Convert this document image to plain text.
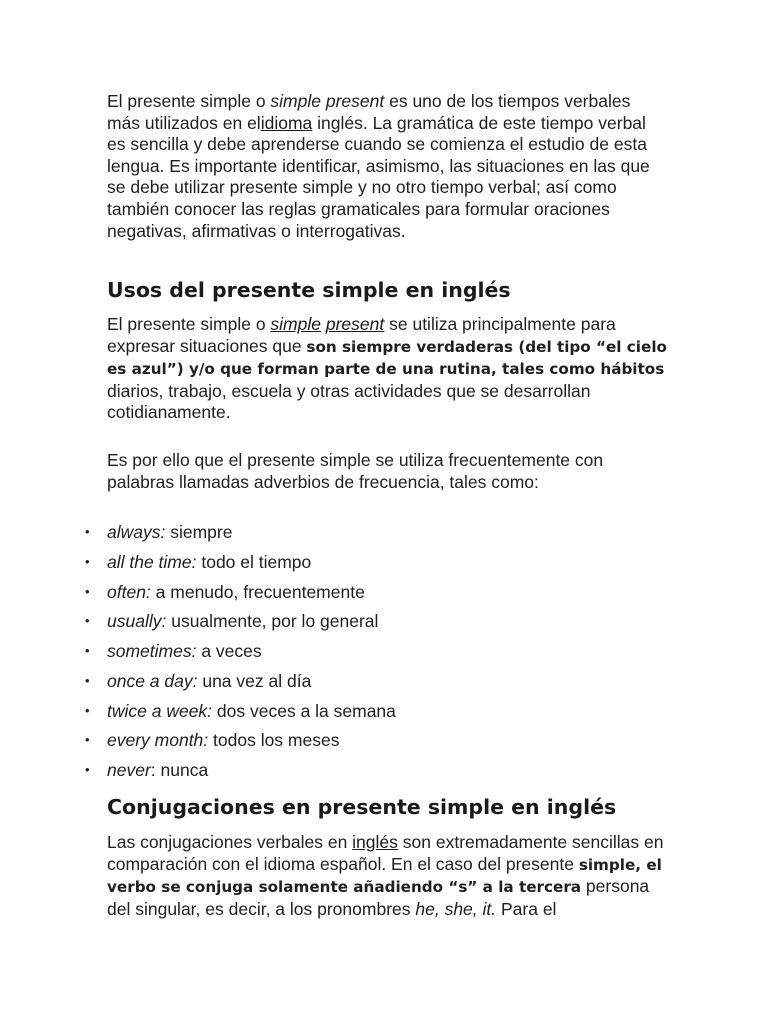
El presente simple o simple present es uno de los tiempos verbales más utilizados en elidioma inglés. La gramática de este tiempo verbal es sencilla y debe aprenderse cuando se comienza el estudio de esta lengua. Es importante identificar, asimismo, las situaciones en las que se debe utilizar presente simple y no otro tiempo verbal; así como también conocer las reglas gramaticales para formular oraciones negativas, afirmativas o interrogativas.

Usos del presente simple en inglés

El presente simple o simple present se utiliza principalmente para expresar situaciones que son siempre verdaderas (del tipo “el cielo es azul”) y/o que forman parte de una rutina, tales como hábitos diarios, trabajo, escuela y otras actividades que se desarrollan cotidianamente.

Es por ello que el presente simple se utiliza frecuentemente con palabras llamadas adverbios de frecuencia, tales como:

• always: siempre
• all the time: todo el tiempo
• often: a menudo, frecuentemente
• usually: usualmente, por lo general
• sometimes: a veces
• once a day: una vez al día
• twice a week: dos veces a la semana
• every month: todos los meses
• never: nunca
Conjugaciones en presente simple en inglés

Las conjugaciones verbales en inglés son extremadamente sencillas en comparación con el idioma español. En el caso del presente simple, el verbo se conjuga solamente añadiendo “s” a la tercera persona del singular, es decir, a los pronombres he, she, it. Para el
